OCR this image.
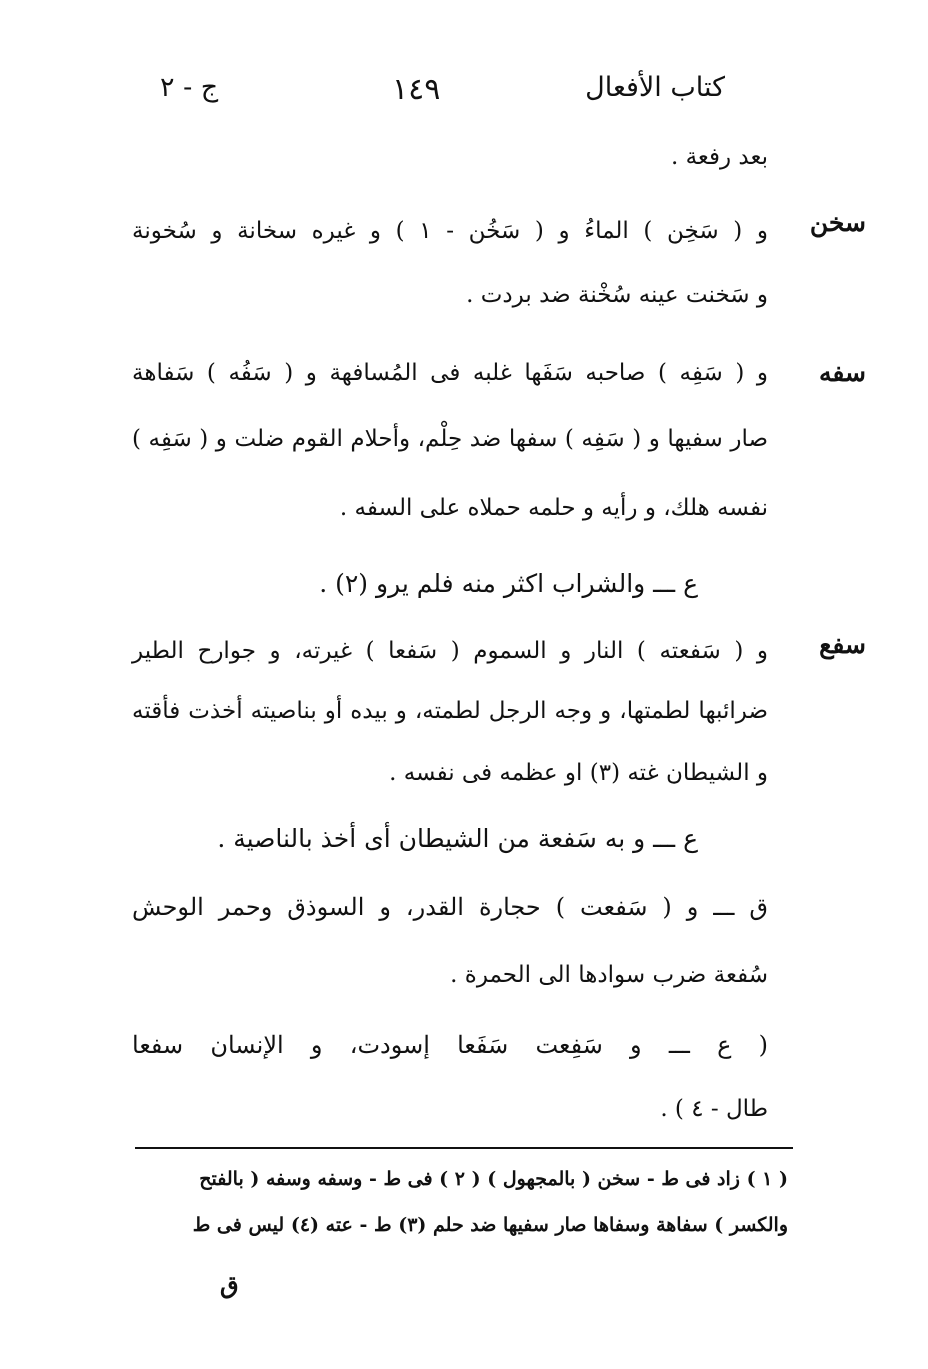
كتاب الأفعال
١٤٩
ج - ٢
بعد رفعة .
سخن
و ( سَخِن ) الماءُ و ( سَخُن - ١ ) و غيره سخانة و سُخونة
و سَخنت عينه سُخْنة ضد بردت .
سفه
و ( سَفِه ) صاحبه سَفَها غلبه فى المُسافهة و ( سَفُه ) سَفاهة
صار سفيها و ( سَفِه ) سفها ضد حِلْم، وأحلام القوم ضلت و ( سَفِه )
نفسه هلك، و رأيه و حلمه حملاه على السفه .
ع ـــ والشراب اكثر منه فلم يرو (٢) .
سفع
و ( سَفعته ) النار و السموم ( سَفعا ) غيرته، و جوارح الطير
ضرائبها لطمتها، و وجه الرجل لطمته، و بيده أو بناصيته أخذت فأقته
و الشيطان غته (٣) او عظمه فى نفسه .
ع ـــ و به سَفعة من الشيطان أى أخذ بالناصية .
ق ـــ و ( سَفعت ) حجارة القدر، و السوذق وحمر الوحش
سُفعة ضرب سوادها الى الحمرة .
( ع ـــ و سَفِعت سَفَعا إسودت، و الإنسان سفعا
طال - ٤ ) .
( ١ ) زاد فى ط - سخن ( بالمجهول ) ( ٢ ) فى ط - وسفه وسفه ( بالفتح
والكسر ) سفاهة وسفاها صار سفيها ضد حلم (٣) ط - عته (٤) ليس فى ط
ق
